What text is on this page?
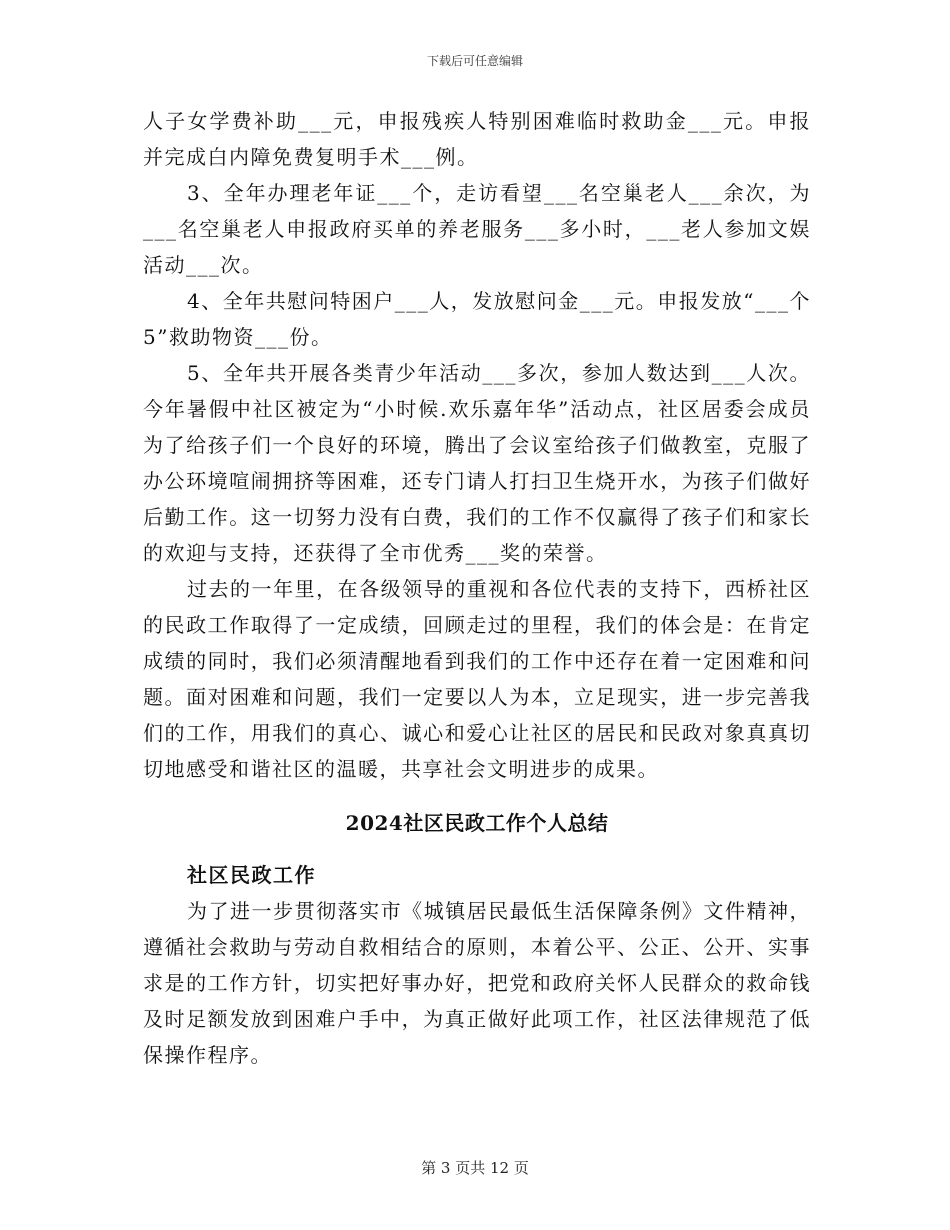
下载后可任意编辑

人子女学费补助___元，申报残疾人特别困难临时救助金___元。申报并完成白内障免费复明手术___例。

3、全年办理老年证___个，走访看望___名空巢老人___余次，为___名空巢老人申报政府买单的养老服务___多小时，___老人参加文娱活动___次。

4、全年共慰问特困户___人，发放慰问金___元。申报发放“___个5”救助物资___份。

5、全年共开展各类青少年活动___多次，参加人数达到___人次。今年暑假中社区被定为“小时候.欢乐嘉年华”活动点，社区居委会成员为了给孩子们一个良好的环境，腾出了会议室给孩子们做教室，克服了办公环境喧闹拥挤等困难，还专门请人打扫卫生烧开水，为孩子们做好后勤工作。这一切努力没有白费，我们的工作不仅赢得了孩子们和家长的欢迎与支持，还获得了全市优秀___奖的荣誉。

过去的一年里，在各级领导的重视和各位代表的支持下，西桥社区的民政工作取得了一定成绩，回顾走过的里程，我们的体会是：在肯定成绩的同时，我们必须清醒地看到我们的工作中还存在着一定困难和问题。面对困难和问题，我们一定要以人为本，立足现实，进一步完善我们的工作，用我们的真心、诚心和爱心让社区的居民和民政对象真真切切地感受和谐社区的温暖，共享社会文明进步的成果。

2024社区民政工作个人总结
社区民政工作

为了进一步贯彻落实市《城镇居民最低生活保障条例》文件精神，遵循社会救助与劳动自救相结合的原则，本着公平、公正、公开、实事求是的工作方针，切实把好事办好，把党和政府关怀人民群众的救命钱及时足额发放到困难户手中，为真正做好此项工作，社区法律规范了低保操作程序。

第 3 页共 12 页
